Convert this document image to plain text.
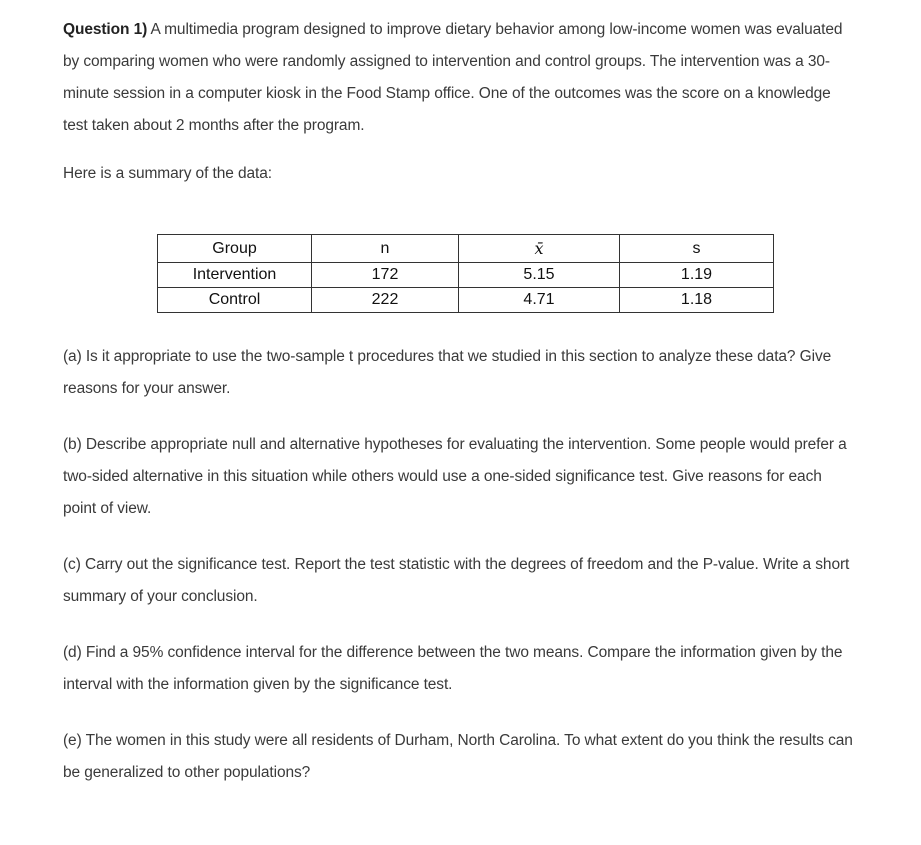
Question 1) A multimedia program designed to improve dietary behavior among low-income women was evaluated by comparing women who were randomly assigned to intervention and control groups. The intervention was a 30-minute session in a computer kiosk in the Food Stamp office. One of the outcomes was the score on a knowledge test taken about 2 months after the program.

Here is a summary of the data:

Group	n	x̄	s
Intervention	172	5.15	1.19
Control	222	4.71	1.18

(a) Is it appropriate to use the two-sample t procedures that we studied in this section to analyze these data? Give reasons for your answer.

(b) Describe appropriate null and alternative hypotheses for evaluating the intervention. Some people would prefer a two-sided alternative in this situation while others would use a one-sided significance test. Give reasons for each point of view.

(c) Carry out the significance test. Report the test statistic with the degrees of freedom and the P-value. Write a short summary of your conclusion.

(d) Find a 95% confidence interval for the difference between the two means. Compare the information given by the interval with the information given by the significance test.

(e) The women in this study were all residents of Durham, North Carolina. To what extent do you think the results can be generalized to other populations?
